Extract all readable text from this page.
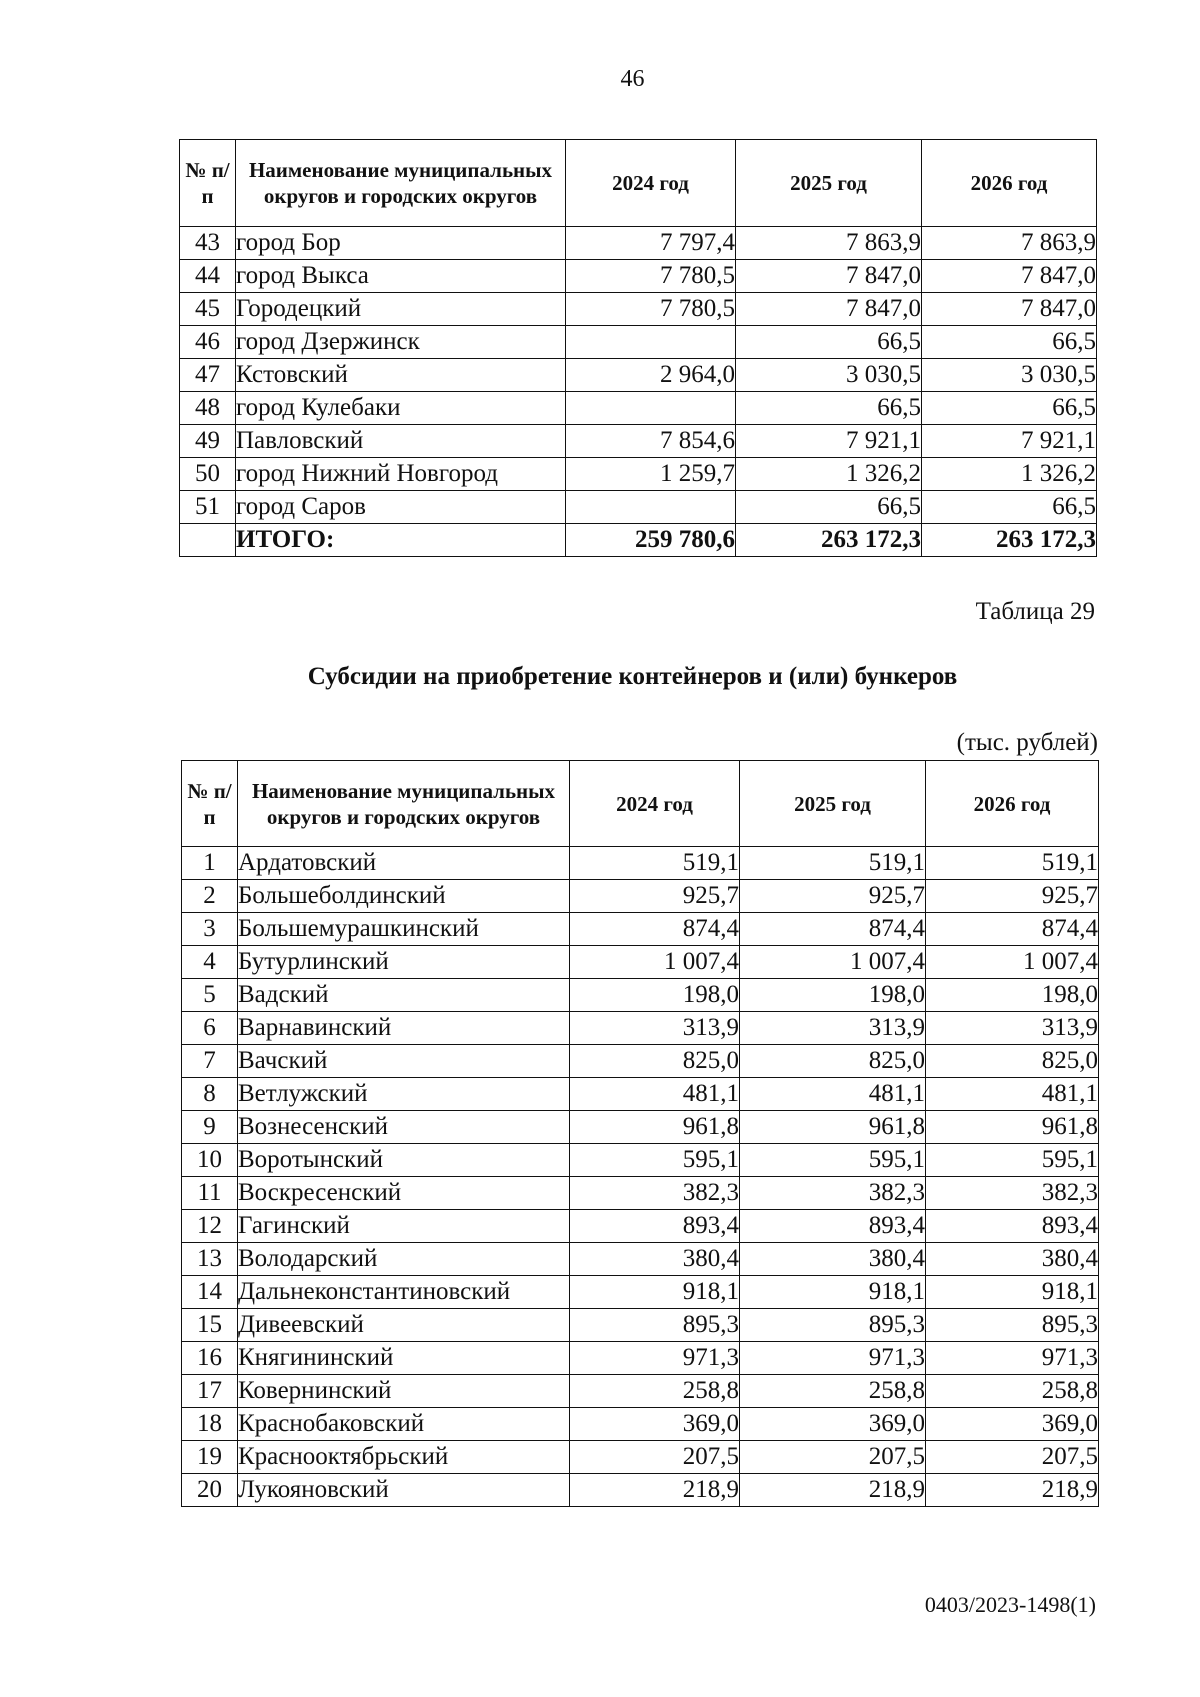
46
№ п/п	Наименование муниципальных округов и городских округов	2024 год	2025 год	2026 год
43	город Бор	7 797,4	7 863,9	7 863,9
44	город Выкса	7 780,5	7 847,0	7 847,0
45	Городецкий	7 780,5	7 847,0	7 847,0
46	город Дзержинск		66,5	66,5
47	Кстовский	2 964,0	3 030,5	3 030,5
48	город Кулебаки		66,5	66,5
49	Павловский	7 854,6	7 921,1	7 921,1
50	город Нижний Новгород	1 259,7	1 326,2	1 326,2
51	город Саров		66,5	66,5
	ИТОГО:	259 780,6	263 172,3	263 172,3
Таблица 29
Субсидии на приобретение контейнеров и (или) бункеров
(тыс. рублей)
№ п/п	Наименование муниципальных округов и городских округов	2024 год	2025 год	2026 год
1	Ардатовский	519,1	519,1	519,1
2	Большеболдинский	925,7	925,7	925,7
3	Большемурашкинский	874,4	874,4	874,4
4	Бутурлинский	1 007,4	1 007,4	1 007,4
5	Вадский	198,0	198,0	198,0
6	Варнавинский	313,9	313,9	313,9
7	Вачский	825,0	825,0	825,0
8	Ветлужский	481,1	481,1	481,1
9	Вознесенский	961,8	961,8	961,8
10	Воротынский	595,1	595,1	595,1
11	Воскресенский	382,3	382,3	382,3
12	Гагинский	893,4	893,4	893,4
13	Володарский	380,4	380,4	380,4
14	Дальнеконстантиновский	918,1	918,1	918,1
15	Дивеевский	895,3	895,3	895,3
16	Княгининский	971,3	971,3	971,3
17	Ковернинский	258,8	258,8	258,8
18	Краснобаковский	369,0	369,0	369,0
19	Краснооктябрьский	207,5	207,5	207,5
20	Лукояновский	218,9	218,9	218,9
0403/2023-1498(1)
